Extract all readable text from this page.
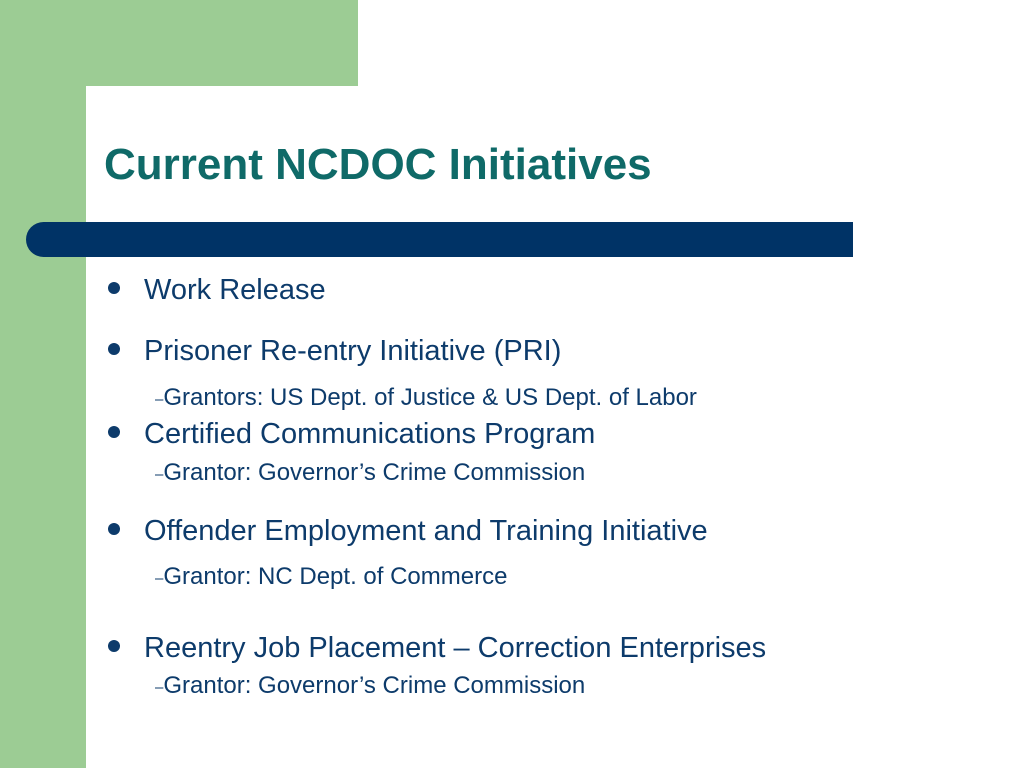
Current NCDOC Initiatives
Work Release
Prisoner Re-entry Initiative (PRI)
–Grantors: US Dept. of Justice & US Dept. of Labor
Certified Communications Program
–Grantor: Governor’s Crime Commission
Offender Employment and Training Initiative
–Grantor: NC Dept. of Commerce
Reentry Job Placement – Correction Enterprises
–Grantor: Governor’s Crime Commission
